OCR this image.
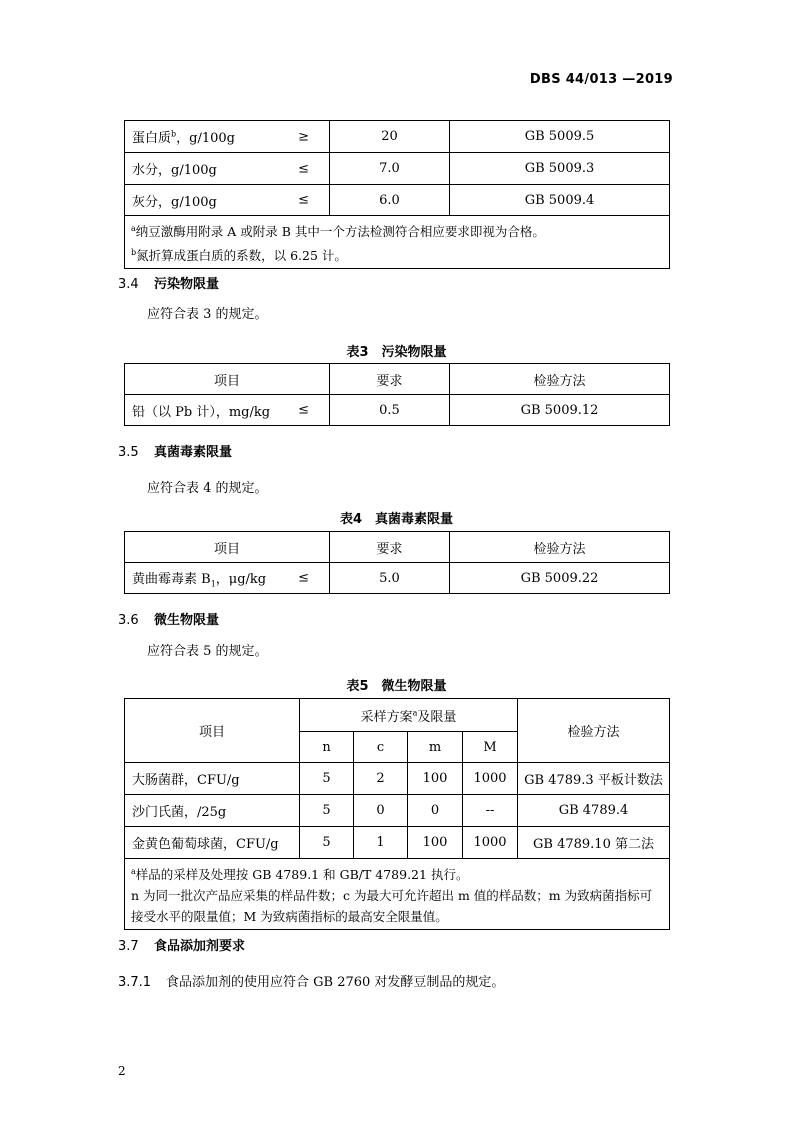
DBS 44/013 —2019
蛋白质$^b$，g/100g ≥	20	GB 5009.5
水分，g/100g ≤	7.0	GB 5009.3
灰分，g/100g ≤	6.0	GB 5009.4

$^a$纳豆激酶用附录 A 或附录 B 其中一个方法检测符合相应要求即视为合格。
$^b$氮折算成蛋白质的系数，以 6.25 计。		
3.4 污染物限量
应符合表 3 的规定。
表3　污染物限量
项目	要求	检验方法
铅（以 Pb 计），mg/kg ≤	0.5	GB 5009.12
3.5 真菌毒素限量
应符合表 4 的规定。
表4　真菌毒素限量
项目	要求	检验方法
黄曲霉毒素 $B_1$，μg/kg ≤	5.0	GB 5009.22
3.6 微生物限量
应符合表 5 的规定。
表5　微生物限量
项目	采样方案$^a$及限量				检验方法
	n	c	m	M	
大肠菌群，CFU/g	5	2	100	1000	GB 4789.3 平板计数法
沙门氏菌，/25g	5	0	0	--	GB 4789.4
金黄色葡萄球菌，CFU/g	5	1	100	1000	GB 4789.10 第二法

$^a$样品的采样及处理按 GB 4789.1 和 GB/T 4789.21 执行。
n 为同一批次产品应采集的样品件数；c 为最大可允许超出 m 值的样品数；m 为致病菌指标可接受水平的限量值；M 为致病菌指标的最高安全限量值。					
3.7 食品添加剂要求
3.7.1 食品添加剂的使用应符合 GB 2760 对发酵豆制品的规定。
2
